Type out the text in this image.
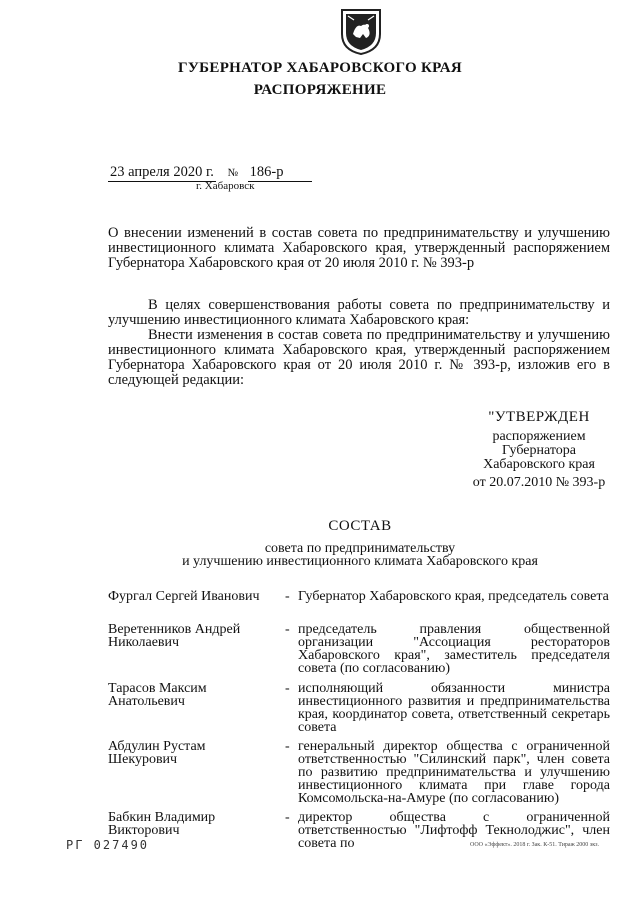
ГУБЕРНАТОР ХАБАРОВСКОГО КРАЯ
РАСПОРЯЖЕНИЕ
23 апреля 2020 г. № 186-р
г. Хабаровск
О внесении изменений в состав совета по предпринимательству и улучшению инвестиционного климата Хабаровского края, утвержденный распоряжением Губернатора Хабаровского края от 20 июля 2010 г. № 393-р
В целях совершенствования работы совета по предпринимательству и улучшению инвестиционного климата Хабаровского края:
Внести изменения в состав совета по предпринимательству и улучшению инвестиционного климата Хабаровского края, утвержденный распоряжением Губернатора Хабаровского края от 20 июля 2010 г. № 393-р, изложив его в следующей редакции:
"УТВЕРЖДЕН
распоряжением
Губернатора
Хабаровского края
от 20.07.2010 № 393-р
СОСТАВ
совета по предпринимательству
и улучшению инвестиционного климата Хабаровского края
Фургал Сергей Иванович	- Губернатор Хабаровского края, председатель совета
Веретенников Андрей Николаевич
- председатель правления общественной организации "Ассоциация рестораторов Хабаровского края", заместитель председателя совета (по согласованию)
Тарасов Максим Анатольевич
- исполняющий обязанности министра инвестиционного развития и предпринимательства края, координатор совета, ответственный секретарь совета
Абдулин Рустам Шекурович
- генеральный директор общества с ограниченной ответственностью "Силинский парк", член совета по развитию предпринимательства и улучшению инвестиционного климата при главе города Комсомольска-на-Амуре (по согласованию)
Бабкин Владимир Викторович
- директор общества с ограниченной ответственностью "Лифтофф Текнолоджис", член совета по
РГ 027490	ООО «Эффект». 2018 г. Зак. К-51. Тираж 2000 экз.
